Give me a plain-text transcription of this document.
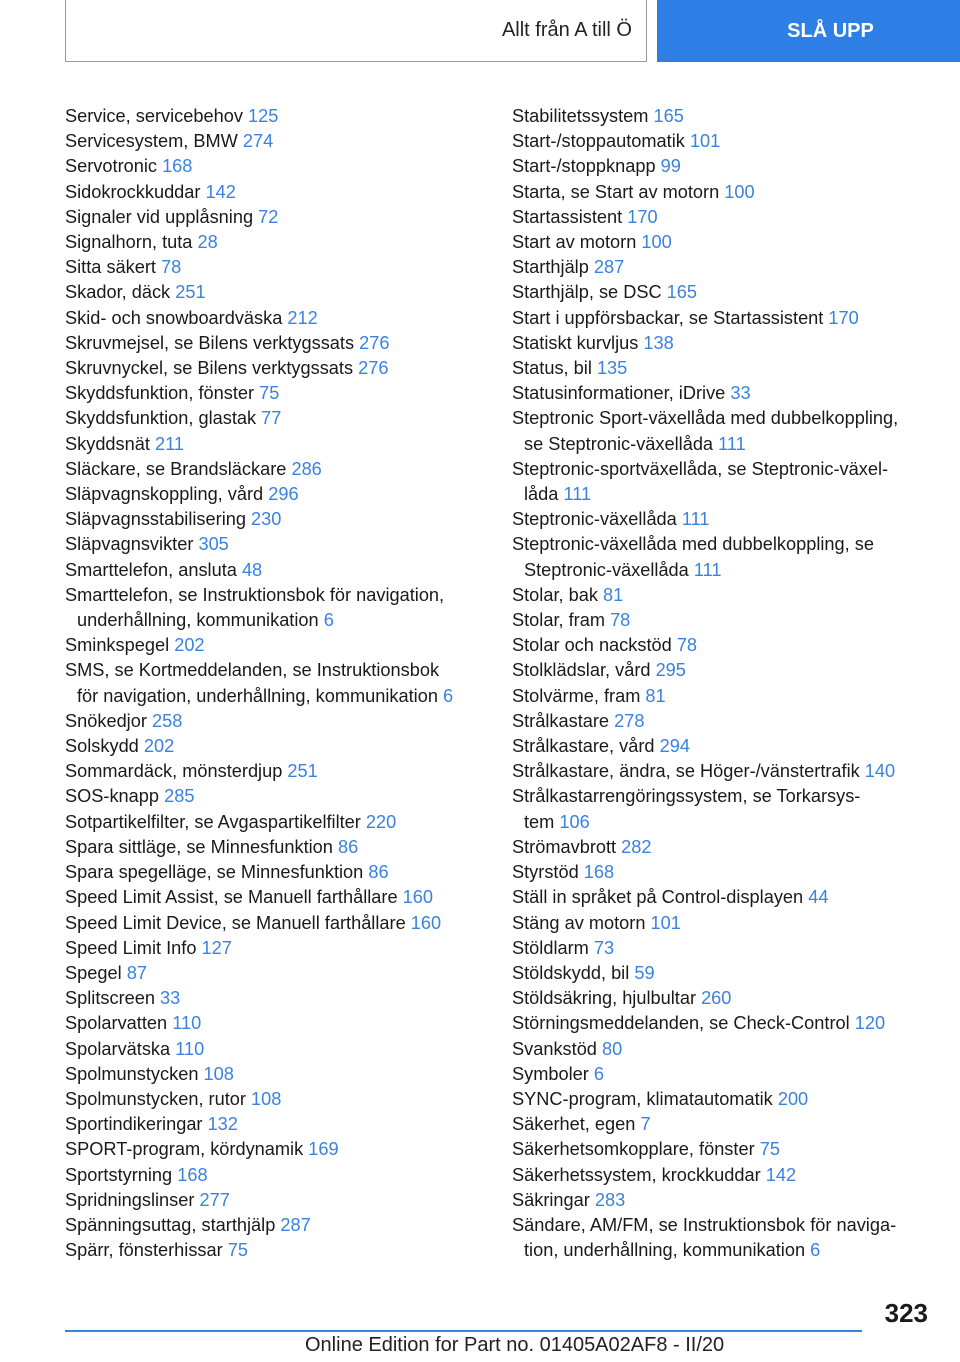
Allt från A till Ö	SLÅ UPP
Service, servicebehov 125
Servicesystem, BMW 274
Servotronic 168
Sidokrockkuddar 142
Signaler vid upplåsning 72
Signalhorn, tuta 28
Sitta säkert 78
Skador, däck 251
Skid- och snowboardväska 212
Skruvmejsel, se Bilens verktygssats 276
Skruvnyckel, se Bilens verktygssats 276
Skyddsfunktion, fönster 75
Skyddsfunktion, glastak 77
Skyddsnät 211
Släckare, se Brandsläckare 286
Släpvagnskoppling, vård 296
Släpvagnsstabilisering 230
Släpvagnsvikter 305
Smarttelefon, ansluta 48
Smarttelefon, se Instruktionsbok för navigation,
underhållning, kommunikation 6
Sminkspegel 202
SMS, se Kortmeddelanden, se Instruktionsbok
för navigation, underhållning, kommunikation 6
Snökedjor 258
Solskydd 202
Sommardäck, mönsterdjup 251
SOS-knapp 285
Sotpartikelfilter, se Avgaspartikelfilter 220
Spara sittläge, se Minnesfunktion 86
Spara spegelläge, se Minnesfunktion 86
Speed Limit Assist, se Manuell farthållare 160
Speed Limit Device, se Manuell farthållare 160
Speed Limit Info 127
Spegel 87
Splitscreen 33
Spolarvatten 110
Spolarvätska 110
Spolmunstycken 108
Spolmunstycken, rutor 108
Sportindikeringar 132
SPORT-program, kördynamik 169
Sportstyrning 168
Spridningslinser 277
Spänningsuttag, starthjälp 287
Spärr, fönsterhissar 75
Stabilitetssystem 165
Start-/stoppautomatik 101
Start-/stoppknapp 99
Starta, se Start av motorn 100
Startassistent 170
Start av motorn 100
Starthjälp 287
Starthjälp, se DSC 165
Start i uppförsbackar, se Startassistent 170
Statiskt kurvljus 138
Status, bil 135
Statusinformationer, iDrive 33
Steptronic Sport-växellåda med dubbelkoppling,
se Steptronic-växellåda 111
Steptronic-sportväxellåda, se Steptronic-växel-
låda 111
Steptronic-växellåda 111
Steptronic-växellåda med dubbelkoppling, se
Steptronic-växellåda 111
Stolar, bak 81
Stolar, fram 78
Stolar och nackstöd 78
Stolklädslar, vård 295
Stolvärme, fram 81
Strålkastare 278
Strålkastare, vård 294
Strålkastare, ändra, se Höger-/vänstertrafik 140
Strålkastarrengöringssystem, se Torkarsys-
tem 106
Strömavbrott 282
Styrstöd 168
Ställ in språket på Control-displayen 44
Stäng av motorn 101
Stöldlarm 73
Stöldskydd, bil 59
Stöldsäkring, hjulbultar 260
Störningsmeddelanden, se Check-Control 120
Svankstöd 80
Symboler 6
SYNC-program, klimatautomatik 200
Säkerhet, egen 7
Säkerhetsomkopplare, fönster 75
Säkerhetssystem, krockkuddar 142
Säkringar 283
Sändare, AM/FM, se Instruktionsbok för naviga-
tion, underhållning, kommunikation 6
323
Online Edition for Part no. 01405A02AF8 - II/20
